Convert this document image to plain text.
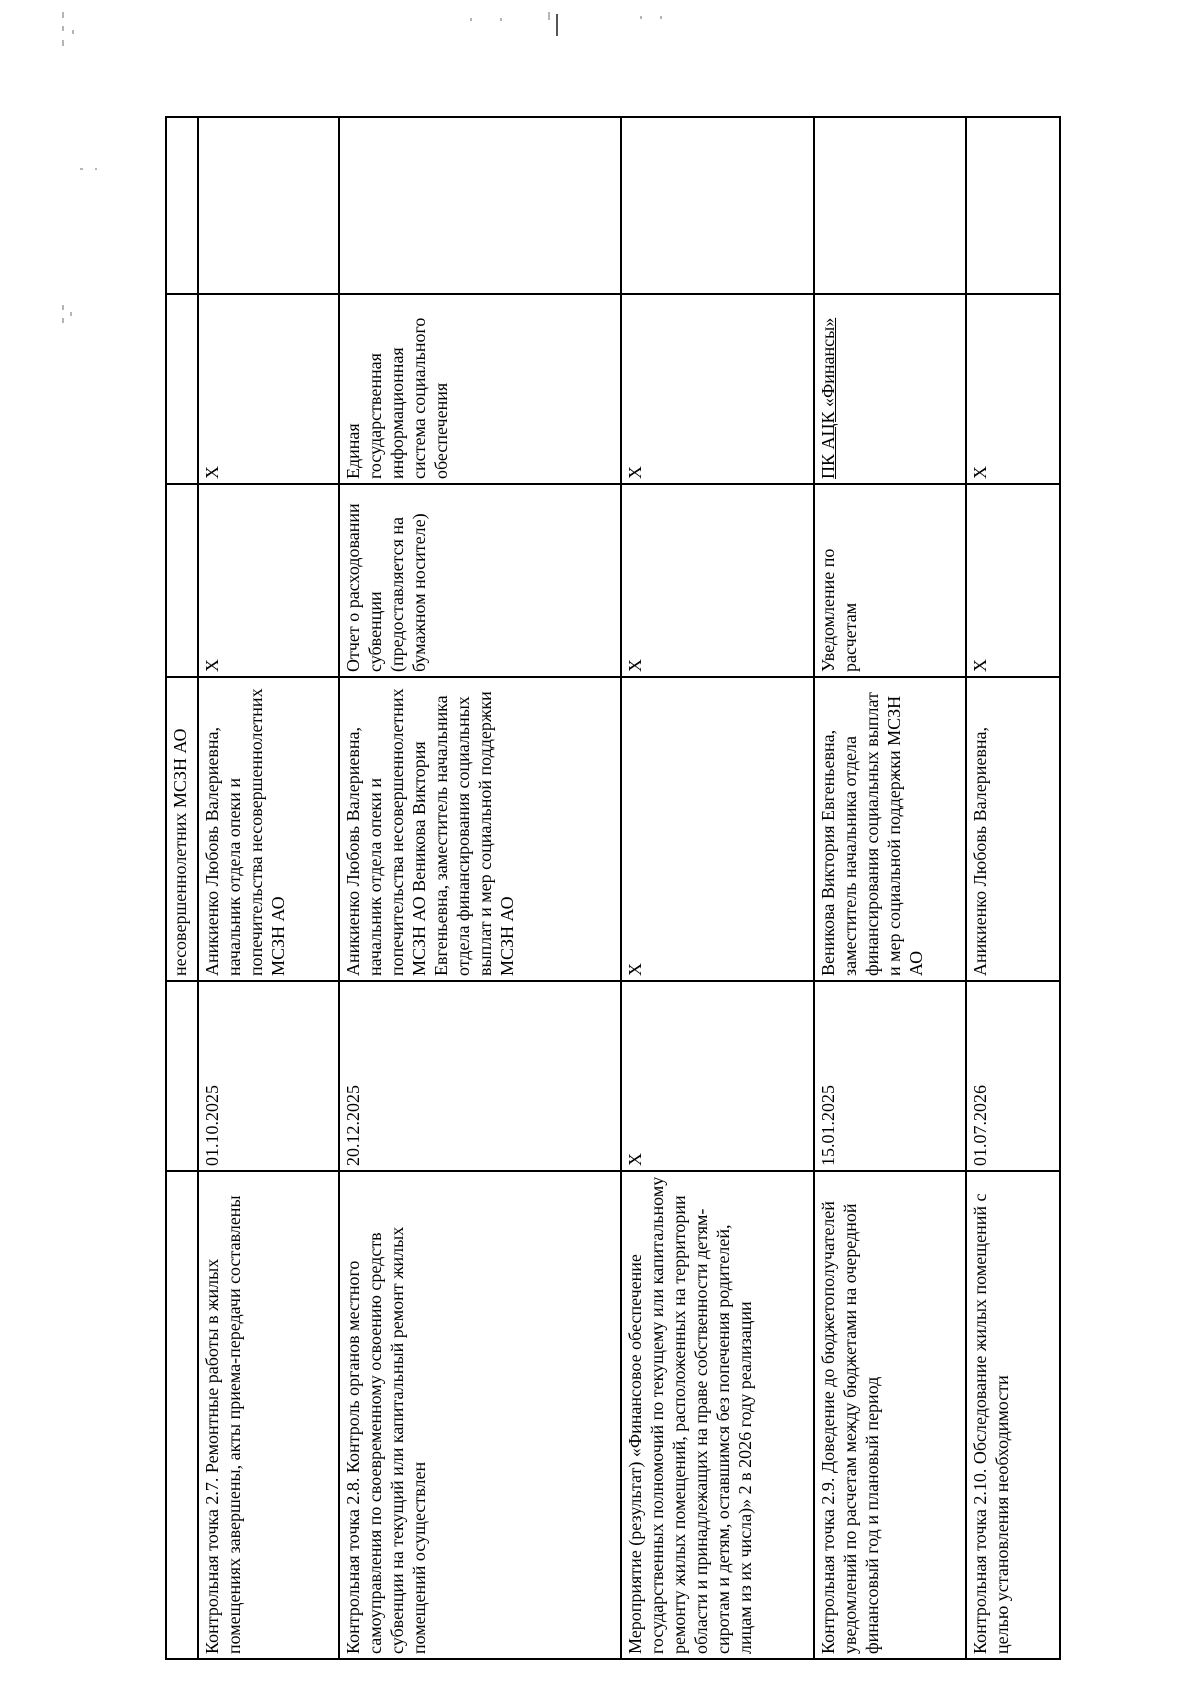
		несовершеннолетних МСЗН АО			
Контрольная точка 2.7. Ремонтные работы в жилых помещениях завершены, акты приема-передачи составлены	01.10.2025	Аникиенко Любовь Валериевна, начальник отдела опеки и попечительства несовершеннолетних МСЗН АО	Х	Х	
Контрольная точка 2.8. Контроль органов местного самоуправления по своевременному освоению средств субвенции на текущий или капитальный ремонт жилых помещений осуществлен	20.12.2025	Аникиенко Любовь Валериевна, начальник отдела опеки и попечительства несовершеннолетних МСЗН АО Веникова Виктория Евгеньевна, заместитель начальника отдела финансирования социальных выплат и мер социальной поддержки МСЗН АО	Отчет о расходовании субвенции (предоставляется на бумажном носителе)	Единая государственная информационная система социального обеспечения	
Мероприятие (результат) «Финансовое обеспечение государственных полномочий по текущему или капитальному ремонту жилых помещений, расположенных на территории области и принадлежащих на праве собственности детям-сиротам и детям, оставшимся без попечения родителей, лицам из их числа)» 2 в 2026 году реализации	Х	Х	Х	Х	
Контрольная точка 2.9. Доведение до бюджетополучателей уведомлений по расчетам между бюджетами на очередной финансовый год и плановый период	15.01.2025	Веникова Виктория Евгеньевна, заместитель начальника отдела финансирования социальных выплат и мер социальной поддержки МСЗН АО	Уведомление по расчетам	ПК АЦК «Финансы»	
Контрольная точка 2.10. Обследование жилых помещений с целью установления необходимости	01.07.2026	Аникиенко Любовь Валериевна,	Х	Х	
